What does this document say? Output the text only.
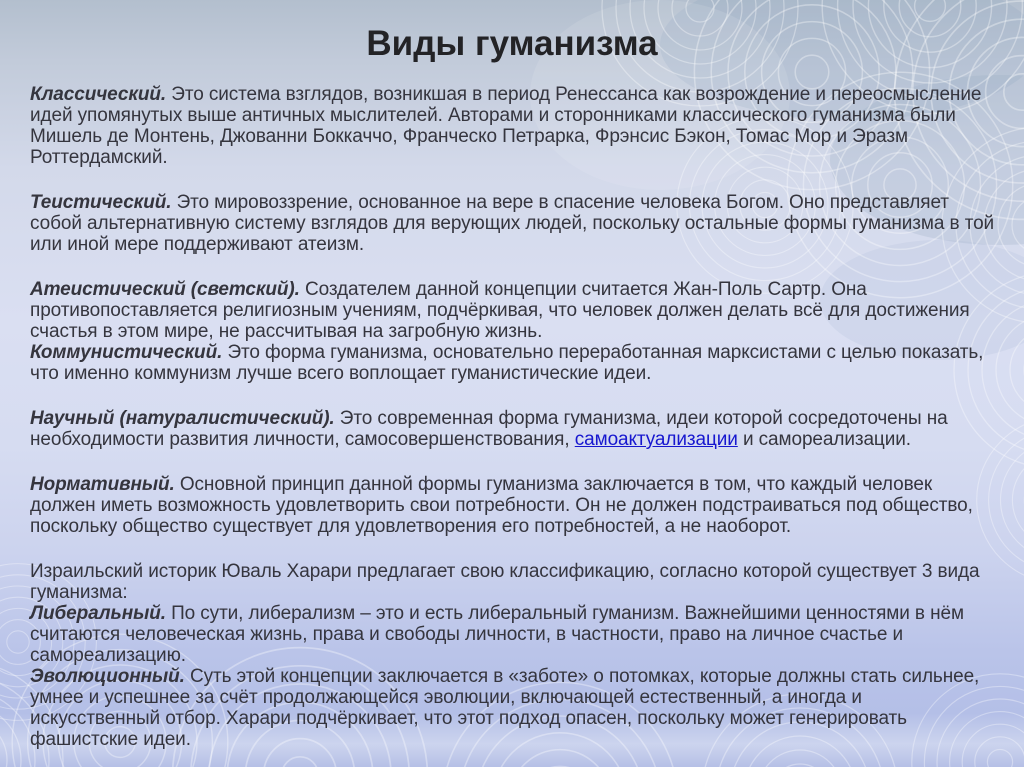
Виды гуманизма

Классический. Это система взглядов, возникшая в период Ренессанса как возрождение и переосмысление идей упомянутых выше античных мыслителей. Авторами и сторонниками классического гуманизма были Мишель де Монтень, Джованни Боккаччо, Франческо Петрарка, Фрэнсис Бэкон, Томас Мор и Эразм Роттердамский.

Теистический. Это мировоззрение, основанное на вере в спасение человека Богом. Оно представляет собой альтернативную систему взглядов для верующих людей, поскольку остальные формы гуманизма в той или иной мере поддерживают атеизм.

Атеистический (светский). Создателем данной концепции считается Жан-Поль Сартр. Она противопоставляется религиозным учениям, подчёркивая, что человек должен делать всё для достижения счастья в этом мире, не рассчитывая на загробную жизнь.

Коммунистический. Это форма гуманизма, основательно переработанная марксистами с целью показать, что именно коммунизм лучше всего воплощает гуманистические идеи.

Научный (натуралистический). Это современная форма гуманизма, идеи которой сосредоточены на необходимости развития личности, самосовершенствования, самоактуализации и самореализации.

Нормативный. Основной принцип данной формы гуманизма заключается в том, что каждый человек должен иметь возможность удовлетворить свои потребности. Он не должен подстраиваться под общество, поскольку общество существует для удовлетворения его потребностей, а не наоборот.

Израильский историк Юваль Харари предлагает свою классификацию, согласно которой существует 3 вида гуманизма:

Либеральный. По сути, либерализм – это и есть либеральный гуманизм. Важнейшими ценностями в нём считаются человеческая жизнь, права и свободы личности, в частности, право на личное счастье и самореализацию.

Эволюционный. Суть этой концепции заключается в «заботе» о потомках, которые должны стать сильнее, умнее и успешнее за счёт продолжающейся эволюции, включающей естественный, а иногда и искусственный отбор. Харари подчёркивает, что этот подход опасен, поскольку может генерировать фашистские идеи.
